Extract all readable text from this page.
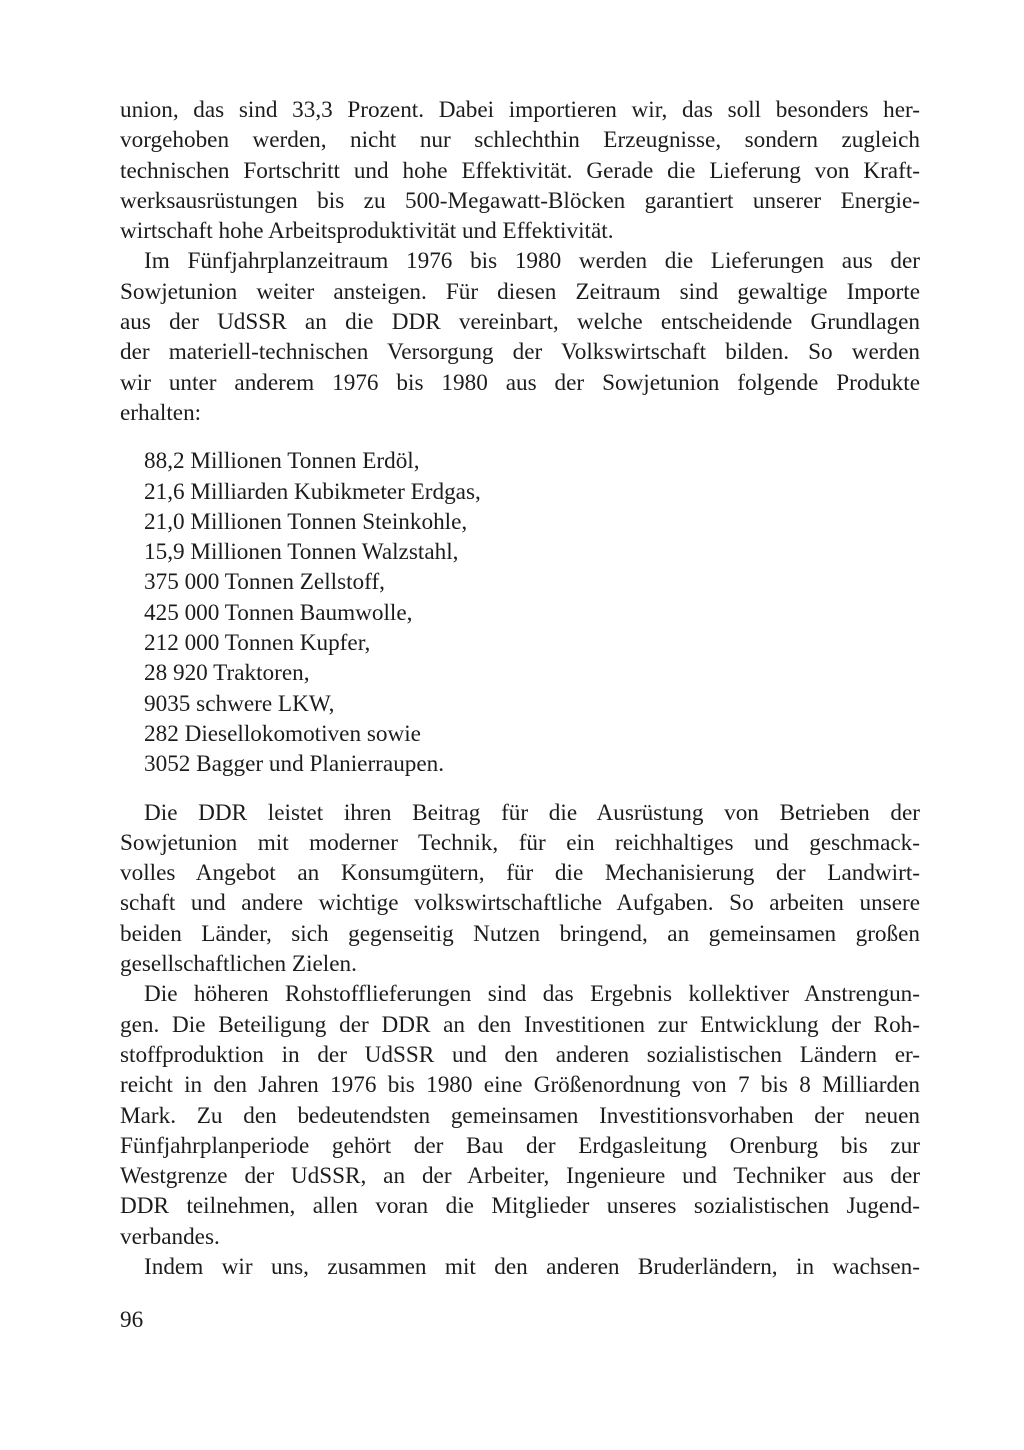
union, das sind 33,3 Prozent. Dabei importieren wir, das soll besonders her-
vorgehoben werden, nicht nur schlechthin Erzeugnisse, sondern zugleich
technischen Fortschritt und hohe Effektivität. Gerade die Lieferung von Kraft-
werksausrüstungen bis zu 500-Megawatt-Blöcken garantiert unserer Energie-
wirtschaft hohe Arbeitsproduktivität und Effektivität.
Im Fünfjahrplanzeitraum 1976 bis 1980 werden die Lieferungen aus der
Sowjetunion weiter ansteigen. Für diesen Zeitraum sind gewaltige Importe
aus der UdSSR an die DDR vereinbart, welche entscheidende Grundlagen
der materiell-technischen Versorgung der Volkswirtschaft bilden. So werden
wir unter anderem 1976 bis 1980 aus der Sowjetunion folgende Produkte
erhalten:
88,2 Millionen Tonnen Erdöl,
21,6 Milliarden Kubikmeter Erdgas,
21,0 Millionen Tonnen Steinkohle,
15,9 Millionen Tonnen Walzstahl,
375 000 Tonnen Zellstoff,
425 000 Tonnen Baumwolle,
212 000 Tonnen Kupfer,
28 920 Traktoren,
9035 schwere LKW,
282 Diesellokomotiven sowie
3052 Bagger und Planierraupen.
Die DDR leistet ihren Beitrag für die Ausrüstung von Betrieben der
Sowjetunion mit moderner Technik, für ein reichhaltiges und geschmack-
volles Angebot an Konsumgütern, für die Mechanisierung der Landwirt-
schaft und andere wichtige volkswirtschaftliche Aufgaben. So arbeiten unsere
beiden Länder, sich gegenseitig Nutzen bringend, an gemeinsamen großen
gesellschaftlichen Zielen.
Die höheren Rohstofflieferungen sind das Ergebnis kollektiver Anstrengun-
gen. Die Beteiligung der DDR an den Investitionen zur Entwicklung der Roh-
stoffproduktion in der UdSSR und den anderen sozialistischen Ländern er-
reicht in den Jahren 1976 bis 1980 eine Größenordnung von 7 bis 8 Milliarden
Mark. Zu den bedeutendsten gemeinsamen Investitionsvorhaben der neuen
Fünfjahrplanperiode gehört der Bau der Erdgasleitung Orenburg bis zur
Westgrenze der UdSSR, an der Arbeiter, Ingenieure und Techniker aus der
DDR teilnehmen, allen voran die Mitglieder unseres sozialistischen Jugend-
verbandes.
Indem wir uns, zusammen mit den anderen Bruderländern, in wachsen-
96
